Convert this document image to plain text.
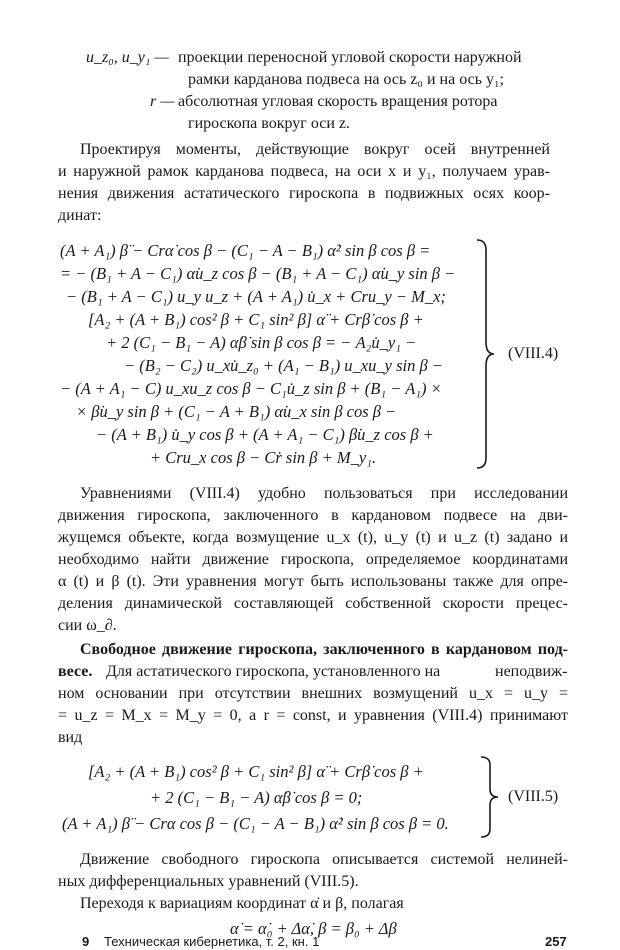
u_z₀, u_y₁ — проекции переносной угловой скорости наружной
рамки карданова подвеса на ось z₀ и на ось y₁;
r — абсолютная угловая скорость вращения ротора
гироскопа вокруг оси z.
Проектируя моменты, действующие вокруг осей внутренней
и наружной рамок карданова подвеса, на оси x и y₁, получаем урав-
нения движения астатического гироскопа в подвижных осях коор-
динат:
(A + A₁) β̈ − Crα̇ cos β − (C₁ − A − B₁) α̇² sin β cos β =
= − (B₁ + A − C₁) α̇u_z cos β − (B₁ + A − C₁) α̇u_y sin β −
− (B₁ + A − C₁) u_y u_z + (A + A₁) u̇_x + Cru_y − M_x;
[A₂ + (A + B₁) cos² β + C₁ sin² β] α̈ + Crβ̇ cos β +
+ 2 (C₁ − B₁ − A) α̇β̇ sin β cos β = − A₂u̇_y₁ −
− (B₂ − C₂) u_xu̇_z₀ + (A₁ − B₁) u_xu_y sin β −
− (A + A₁ − C) u_xu_z cos β − C₁u̇_z sin β + (B₁ − A₁) ×
× β̇u_y sin β + (C₁ − A + B₁) α̇u_x sin β cos β −
− (A + B₁) u̇_y cos β + (A + A₁ − C₁) β̇u_z cos β +
+ Cru_x cos β − Cṙ sin β + M_y₁.
(VIII.4)
Уравнениями (VIII.4) удобно пользоваться при исследовании
движения гироскопа, заключенного в кардановом подвесе на дви-
жущемся объекте, когда возмущение u_x (t), u_y (t) и u_z (t) задано и
необходимо найти движение гироскопа, определяемое координатами
α (t) и β (t). Эти уравнения могут быть использованы также для опре-
деления динамической составляющей собственной скорости прецес-
сии ω_∂.
Свободное движение гироскопа, заключенного в кардановом под-
весе. Для астатического гироскопа, установленного на	неподвиж-
ном основании при отсутствии внешних возмущений u_x = u_y =
= u_z = M_x = M_y = 0, а r = const, и уравнения (VIII.4) принимают
вид
[A₂ + (A + B₁) cos² β + C₁ sin² β] α̈ + Crβ̇ cos β +
+ 2 (C₁ − B₁ − A) α̇β̇ cos β = 0;
(A + A₁) β̈ − Crα cos β − (C₁ − A − B₁) α̇² sin β cos β = 0.
(VIII.5)
Движение свободного гироскопа описывается системой нелиней-
ных дифференциальных уравнений (VIII.5).
Переходя к вариациям координат α̇ и β, полагая
α̇ = α̇₀ + Δα̇, β = β₀ + Δβ
9 Техническая кибернетика, т. 2, кн. 1	257
